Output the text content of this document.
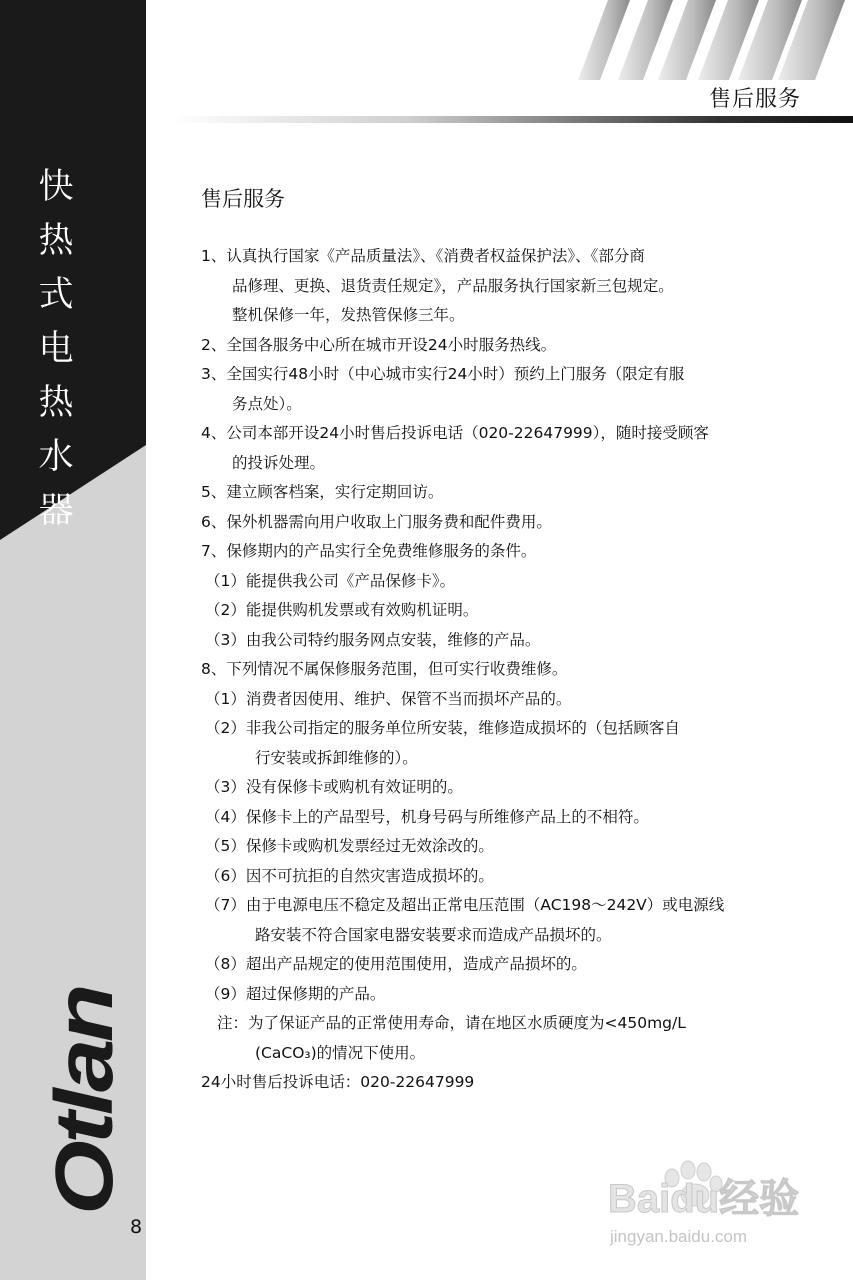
快
热
式
电
热
水
器
Otlan
8
售后服务
售后服务
1、认真执行国家《产品质量法》、《消费者权益保护法》、《部分商
品修理、更换、退货责任规定》，产品服务执行国家新三包规定。
整机保修一年，发热管保修三年。
2、全国各服务中心所在城市开设24小时服务热线。
3、全国实行48小时（中心城市实行24小时）预约上门服务（限定有服
务点处）。
4、公司本部开设24小时售后投诉电话（020-22647999），随时接受顾客
的投诉处理。
5、建立顾客档案，实行定期回访。
6、保外机器需向用户收取上门服务费和配件费用。
7、保修期内的产品实行全免费维修服务的条件。
（1）能提供我公司《产品保修卡》。
（2）能提供购机发票或有效购机证明。
（3）由我公司特约服务网点安装，维修的产品。
8、下列情况不属保修服务范围，但可实行收费维修。
（1）消费者因使用、维护、保管不当而损坏产品的。
（2）非我公司指定的服务单位所安装，维修造成损坏的（包括顾客自
行安装或拆卸维修的）。
（3）没有保修卡或购机有效证明的。
（4）保修卡上的产品型号，机身号码与所维修产品上的不相符。
（5）保修卡或购机发票经过无效涂改的。
（6）因不可抗拒的自然灾害造成损坏的。
（7）由于电源电压不稳定及超出正常电压范围（AC198～242V）或电源线
路安装不符合国家电器安装要求而造成产品损坏的。
（8）超出产品规定的使用范围使用，造成产品损坏的。
（9）超过保修期的产品。
注：为了保证产品的正常使用寿命，请在地区水质硬度为<450mg/L
(CaCO₃)的情况下使用。
24小时售后投诉电话：020-22647999
Baidu经验
jingyan.baidu.com
